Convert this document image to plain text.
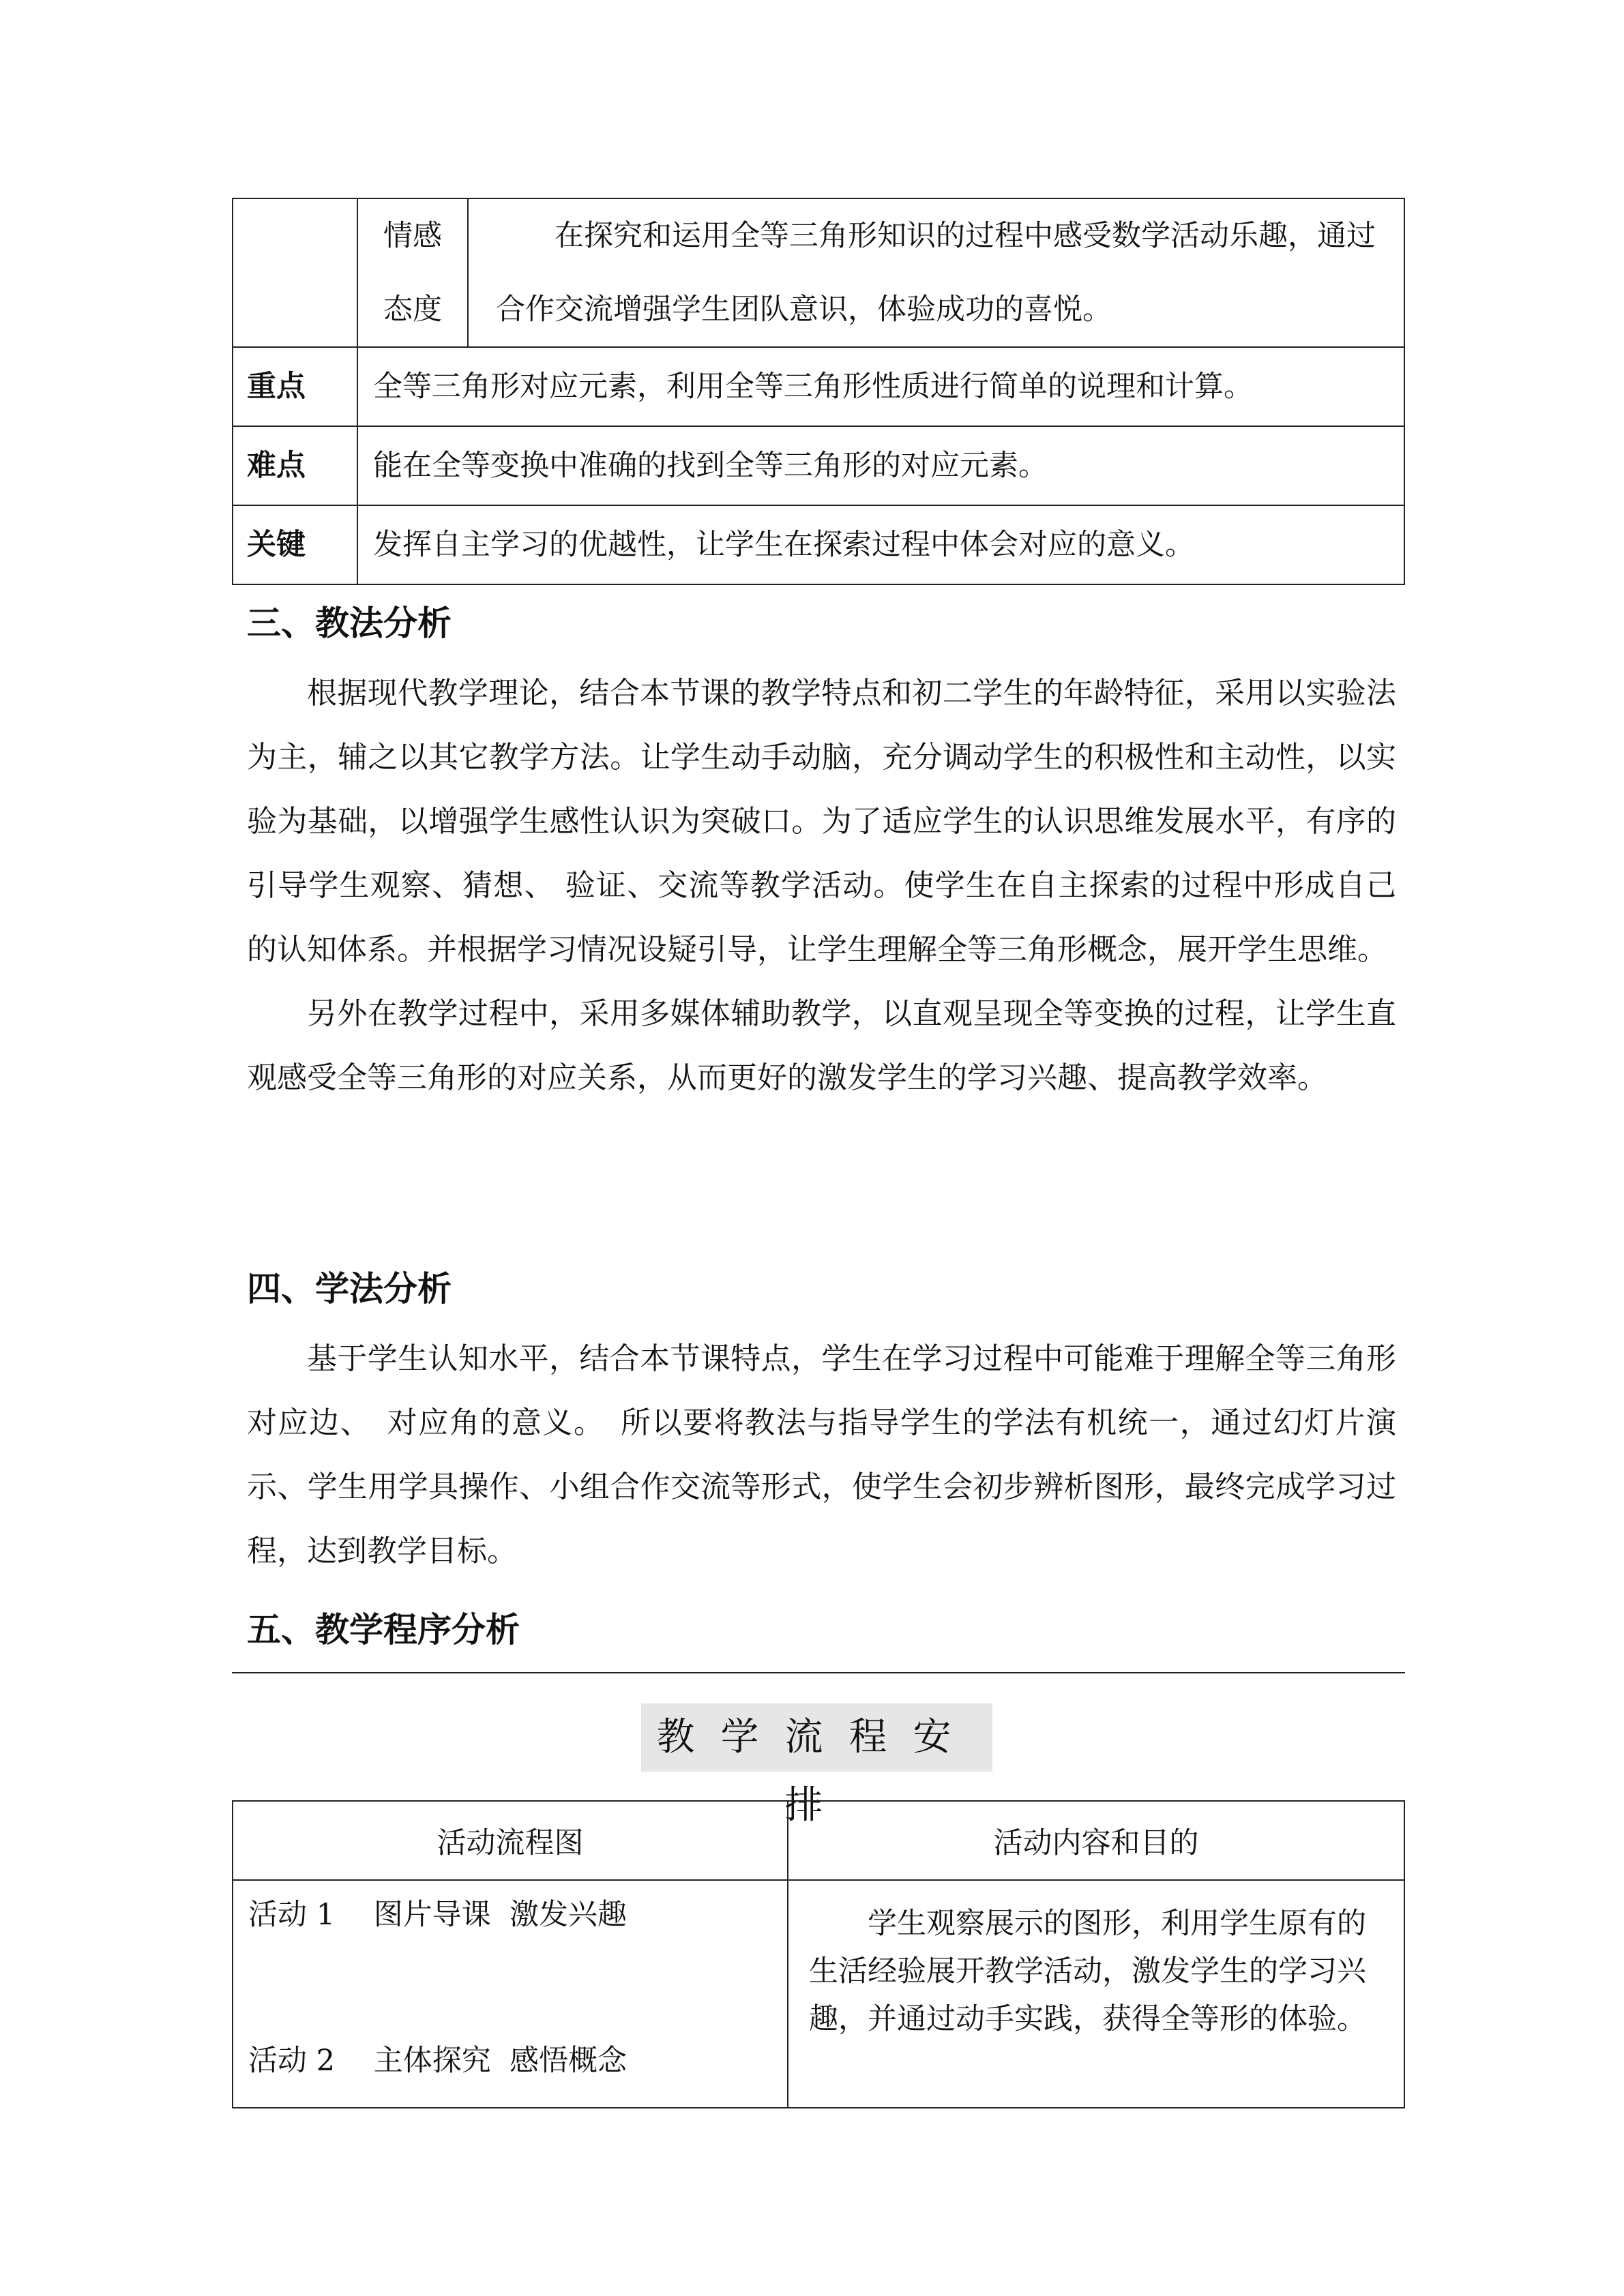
	情感态度	在探究和运用全等三角形知识的过程中感受数学活动乐趣，通过合作交流增强学生团队意识，体验成功的喜悦。

重点	全等三角形对应元素，利用全等三角形性质进行简单的说理和计算。	
难点	能在全等变换中准确的找到全等三角形的对应元素。	
关键	发挥自主学习的优越性，让学生在探索过程中体会对应的意义。	
三、教法分析

根据现代教学理论，结合本节课的教学特点和初二学生的年龄特征，采用以实验法为主，辅之以其它教学方法。让学生动手动脑，充分调动学生的积极性和主动性，以实验为基础，以增强学生感性认识为突破口。为了适应学生的认识思维发展水平，有序的引导学生观察、猜想、 验证、交流等教学活动。使学生在自主探索的过程中形成自己的认知体系。并根据学习情况设疑引导，让学生理解全等三角形概念，展开学生思维。

另外在教学过程中，采用多媒体辅助教学，以直观呈现全等变换的过程，让学生直观感受全等三角形的对应关系，从而更好的激发学生的学习兴趣、提高教学效率。

四、学法分析

基于学生认知水平，结合本节课特点，学生在学习过程中可能难于理解全等三角形对应边、　对应角的意义。　所以要将教法与指导学生的学法有机统一，通过幻灯片演示、学生用学具操作、小组合作交流等形式，使学生会初步辨析图形，最终完成学习过程，达到教学目标。

五、教学程序分析
教学流程安排
活动流程图	活动内容和目的

活动 1　 图片导课  激发兴趣
活动 2　 主体探究  感悟概念	学生观察展示的图形，利用学生原有的生活经验展开教学活动，激发学生的学习兴趣，并通过动手实践，获得全等形的体验。
